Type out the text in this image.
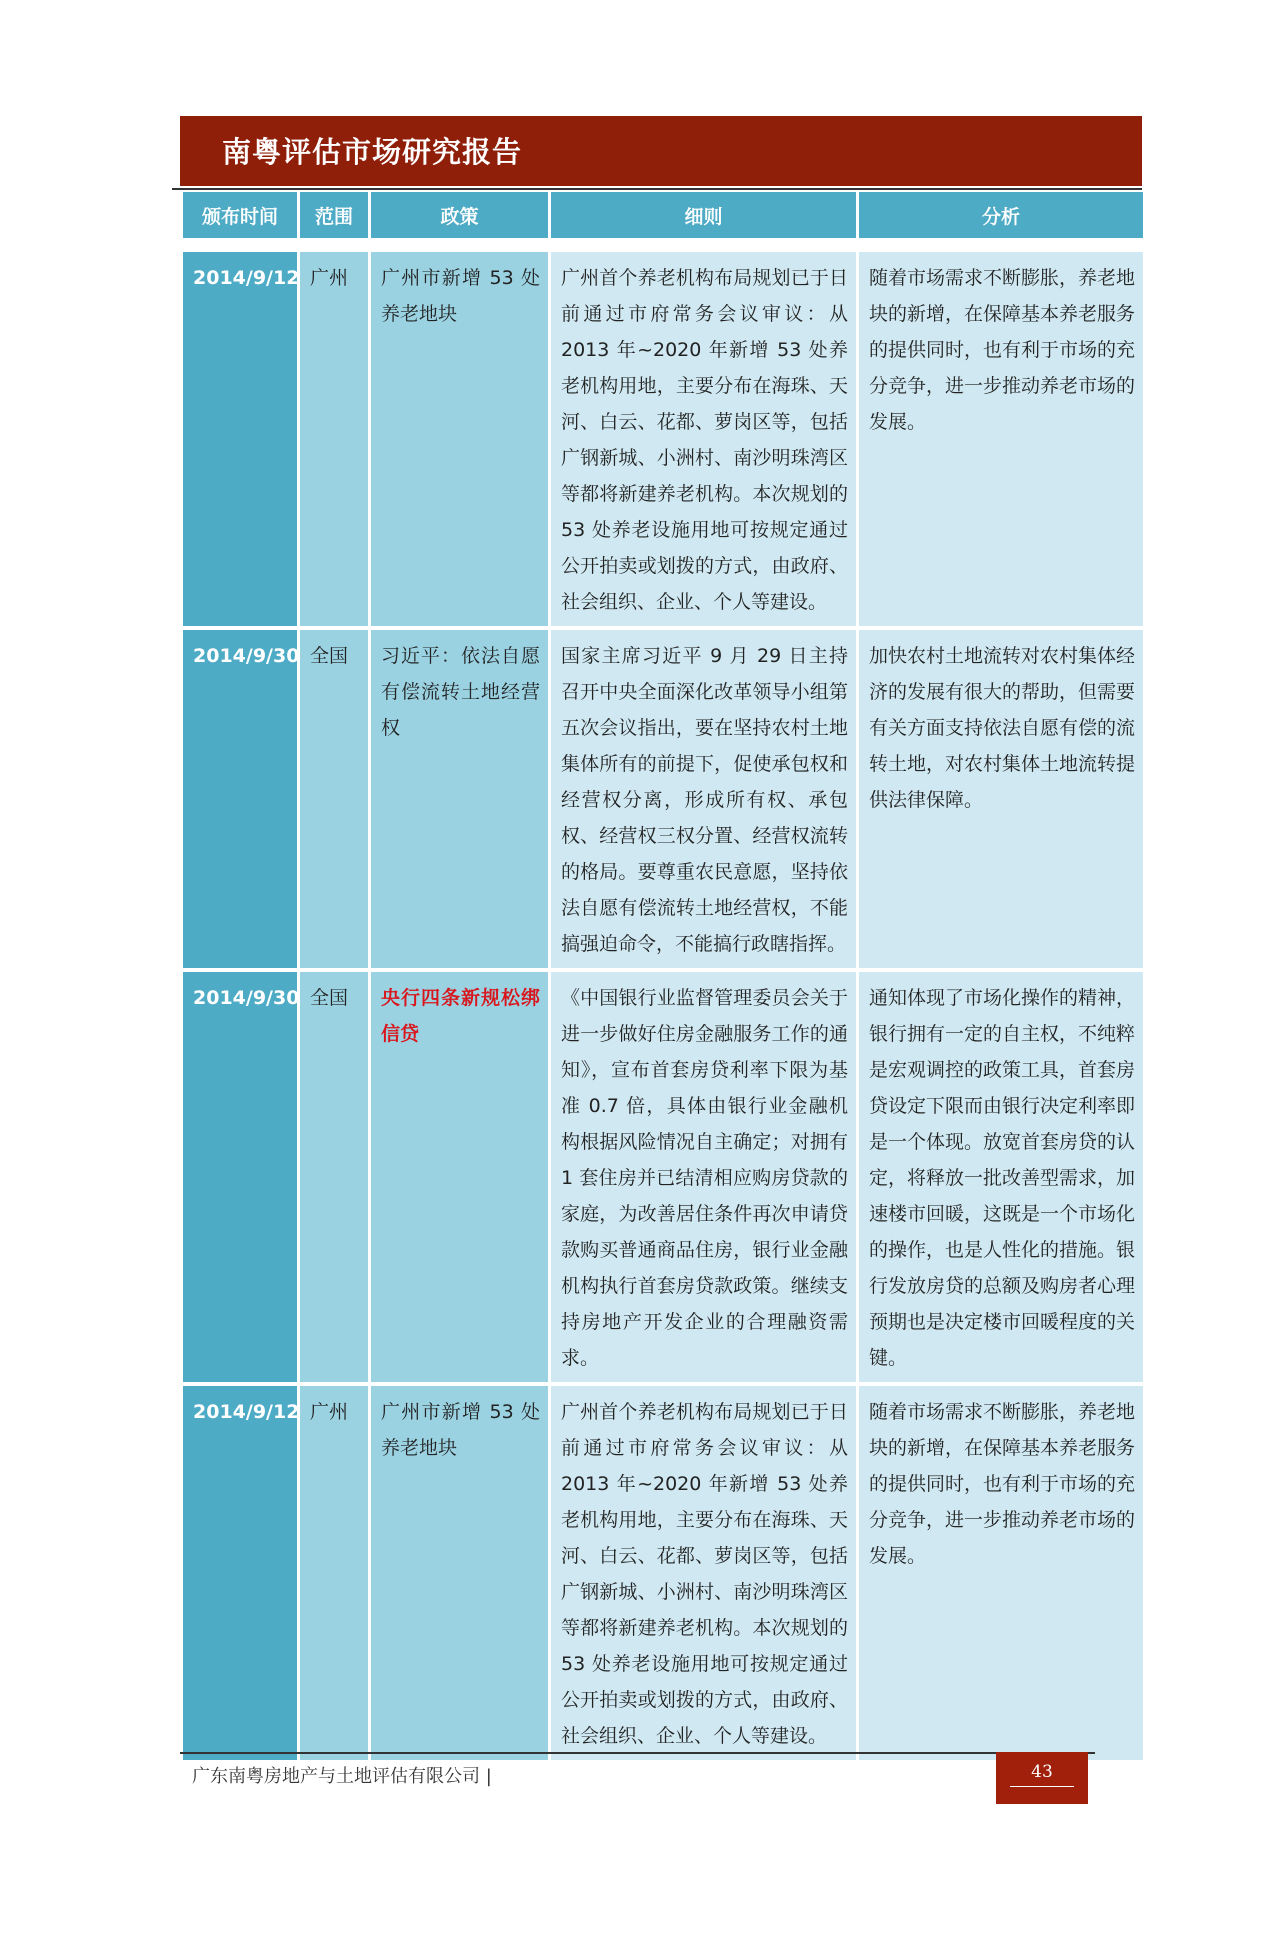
南粤评估市场研究报告
颁布时间	范围	政策	细则	分析
2014/9/12	广州	广州市新增 53 处养老地块	广州首个养老机构布局规划已于日前通过市府常务会议审议：从 2013 年~2020 年新增 53 处养老机构用地，主要分布在海珠、天河、白云、花都、萝岗区等，包括广钢新城、小洲村、南沙明珠湾区等都将新建养老机构。本次规划的 53 处养老设施用地可按规定通过公开拍卖或划拨的方式，由政府、社会组织、企业、个人等建设。	随着市场需求不断膨胀，养老地块的新增，在保障基本养老服务的提供同时，也有利于市场的充分竞争，进一步推动养老市场的发展。
2014/9/30	全国	习近平：依法自愿有偿流转土地经营权	国家主席习近平 9 月 29 日主持召开中央全面深化改革领导小组第五次会议指出，要在坚持农村土地集体所有的前提下，促使承包权和经营权分离，形成所有权、承包权、经营权三权分置、经营权流转的格局。要尊重农民意愿，坚持依法自愿有偿流转土地经营权，不能搞强迫命令，不能搞行政瞎指挥。	加快农村土地流转对农村集体经济的发展有很大的帮助，但需要有关方面支持依法自愿有偿的流转土地，对农村集体土地流转提供法律保障。
2014/9/30	全国	央行四条新规松绑信贷	《中国银行业监督管理委员会关于进一步做好住房金融服务工作的通知》，宣布首套房贷利率下限为基准 0.7 倍，具体由银行业金融机构根据风险情况自主确定；对拥有 1 套住房并已结清相应购房贷款的家庭，为改善居住条件再次申请贷款购买普通商品住房，银行业金融机构执行首套房贷款政策。继续支持房地产开发企业的合理融资需求。	通知体现了市场化操作的精神，银行拥有一定的自主权，不纯粹是宏观调控的政策工具，首套房贷设定下限而由银行决定利率即是一个体现。放宽首套房贷的认定，将释放一批改善型需求，加速楼市回暖，这既是一个市场化的操作，也是人性化的措施。银行发放房贷的总额及购房者心理预期也是决定楼市回暖程度的关键。
2014/9/12	广州	广州市新增 53 处养老地块	广州首个养老机构布局规划已于日前通过市府常务会议审议：从 2013 年~2020 年新增 53 处养老机构用地，主要分布在海珠、天河、白云、花都、萝岗区等，包括广钢新城、小洲村、南沙明珠湾区等都将新建养老机构。本次规划的 53 处养老设施用地可按规定通过公开拍卖或划拨的方式，由政府、社会组织、企业、个人等建设。	随着市场需求不断膨胀，养老地块的新增，在保障基本养老服务的提供同时，也有利于市场的充分竞争，进一步推动养老市场的发展。
广东南粤房地产与土地评估有限公司 |	43
